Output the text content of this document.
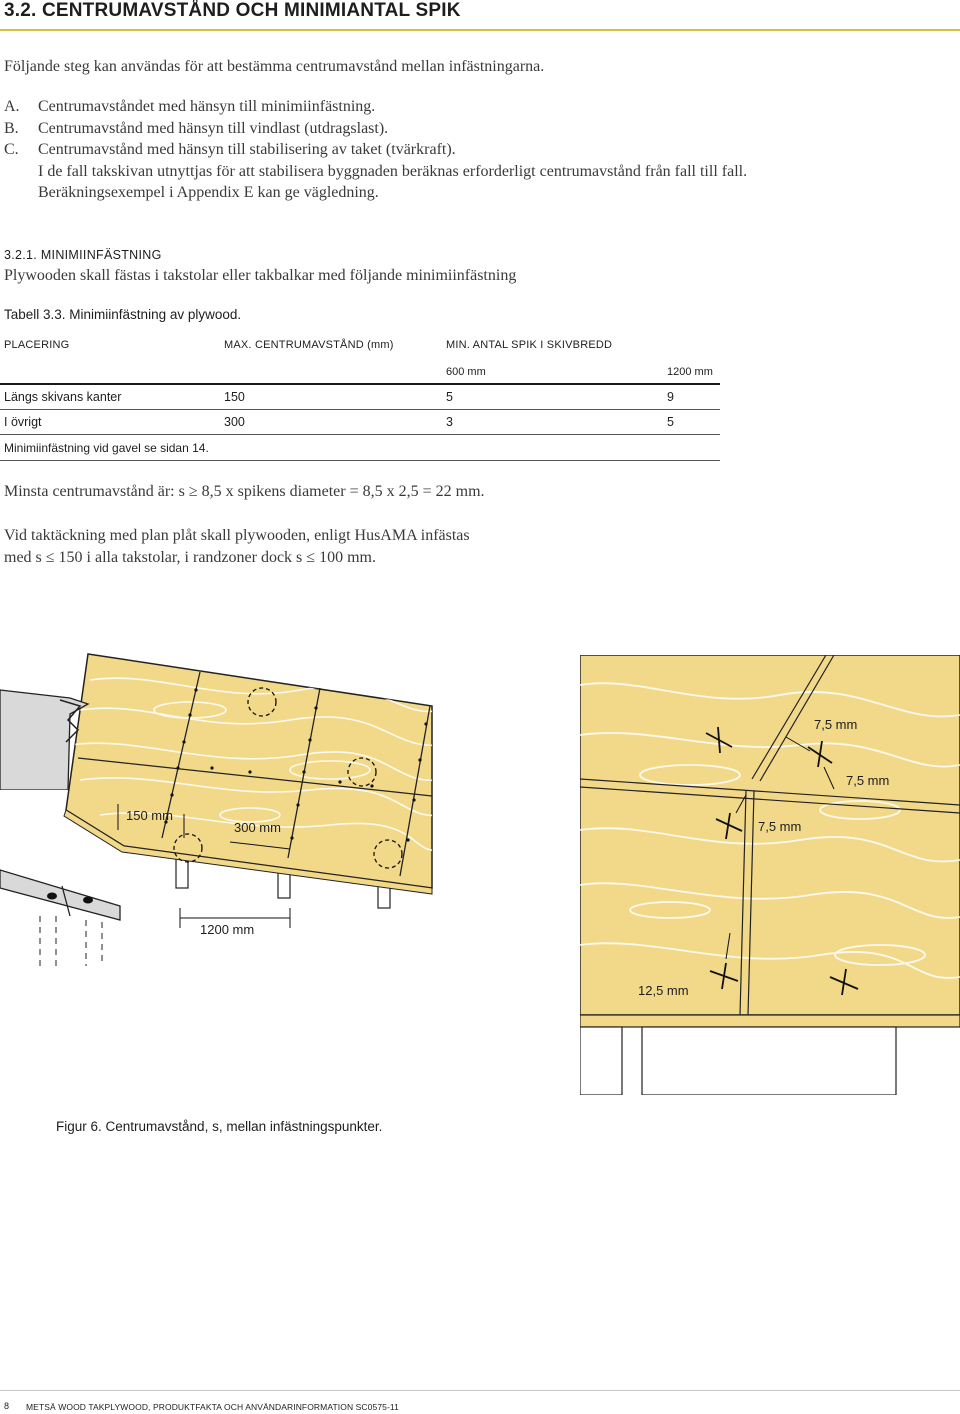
3.2. CENTRUMAVSTÅND OCH MINIMIANTAL SPIK
Följande steg kan användas för att bestämma centrumavstånd mellan infästningarna.
A.	Centrumavståndet med hänsyn till minimiinfästning.
B.	Centrumavstånd med hänsyn till vindlast (utdragslast).
C.	Centrumavstånd med hänsyn till stabilisering av taket (tvärkraft).
I de fall takskivan utnyttjas för att stabilisera byggnaden beräknas erforderligt centrumavstånd från fall till fall.
Beräkningsexempel i Appendix E kan ge vägledning.
3.2.1. MINIMIINFÄSTNING
Plywooden skall fästas i takstolar eller takbalkar med följande minimiinfästning
Tabell 3.3. Minimiinfästning av plywood.
PLACERING	MAX. CENTRUMAVSTÅND (mm)	MIN. ANTAL SPIK I SKIVBREDD
600 mm	1200 mm
Längs skivans kanter	150	5	9
I övrigt	300	3	5
Minimiinfästning vid gavel se sidan 14.
Minsta centrumavstånd är: s ≥ 8,5 x spikens diameter = 8,5 x 2,5 = 22 mm.
Vid taktäckning med plan plåt skall plywooden, enligt HusAMA infästas
med s ≤ 150 i alla takstolar, i randzoner dock s ≤ 100 mm.
150 mm
300 mm
1200 mm
7,5 mm
7,5 mm
7,5 mm
12,5 mm
Figur 6. Centrumavstånd, s, mellan infästningspunkter.
8 METSÄ WOOD TAKPLYWOOD, PRODUKTFAKTA OCH ANVÄNDARINFORMATION SC0575-11
